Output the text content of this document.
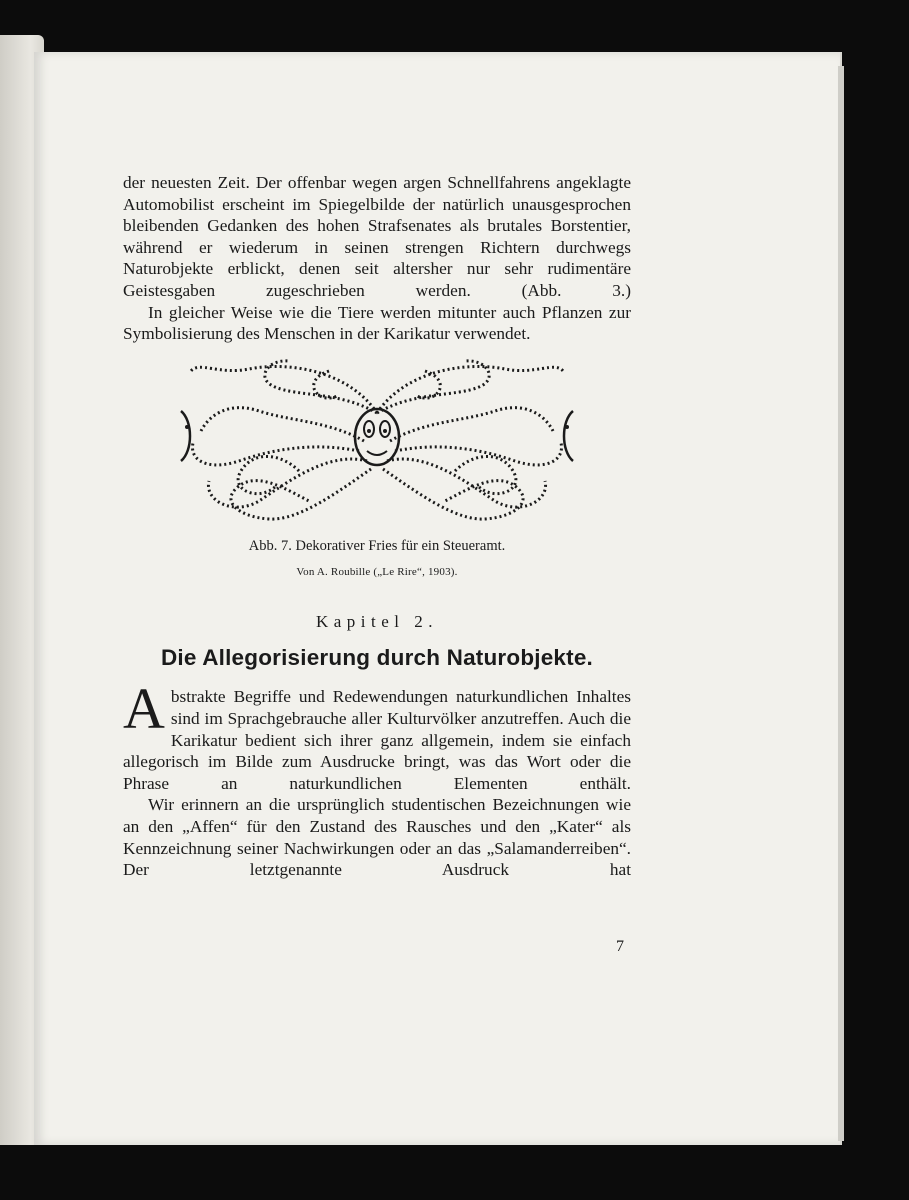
der neuesten Zeit. Der offenbar wegen argen Schnellfahrens angeklagte Automobilist erscheint im Spiegelbilde der natürlich unausgesprochen bleibenden Gedanken des hohen Strafsenates als brutales Borstentier, während er wiederum in seinen strengen Richtern durchwegs Naturobjekte erblickt, denen seit altersher nur sehr rudimentäre Geistesgaben zugeschrieben werden. (Abb. 3.)

In gleicher Weise wie die Tiere werden mitunter auch Pflanzen zur Symbolisierung des Menschen in der Karikatur verwendet.

Abb. 7. Dekorativer Fries für ein Steueramt.
Von A. Roubille („Le Rire“, 1903).
Kapitel 2.
Die Allegorisierung durch Naturobjekte.

Abstrakte Begriffe und Redewendungen naturkundlichen Inhaltes sind im Sprachgebrauche aller Kulturvölker anzutreffen. Auch die Karikatur bedient sich ihrer ganz allgemein, indem sie einfach allegorisch im Bilde zum Ausdrucke bringt, was das Wort oder die Phrase an naturkundlichen Elementen enthält.

Wir erinnern an die ursprünglich studentischen Bezeichnungen wie an den „Affen“ für den Zustand des Rausches und den „Kater“ als Kennzeichnung seiner Nachwirkungen oder an das „Salamanderreiben“. Der letztgenannte Ausdruck hat

7
